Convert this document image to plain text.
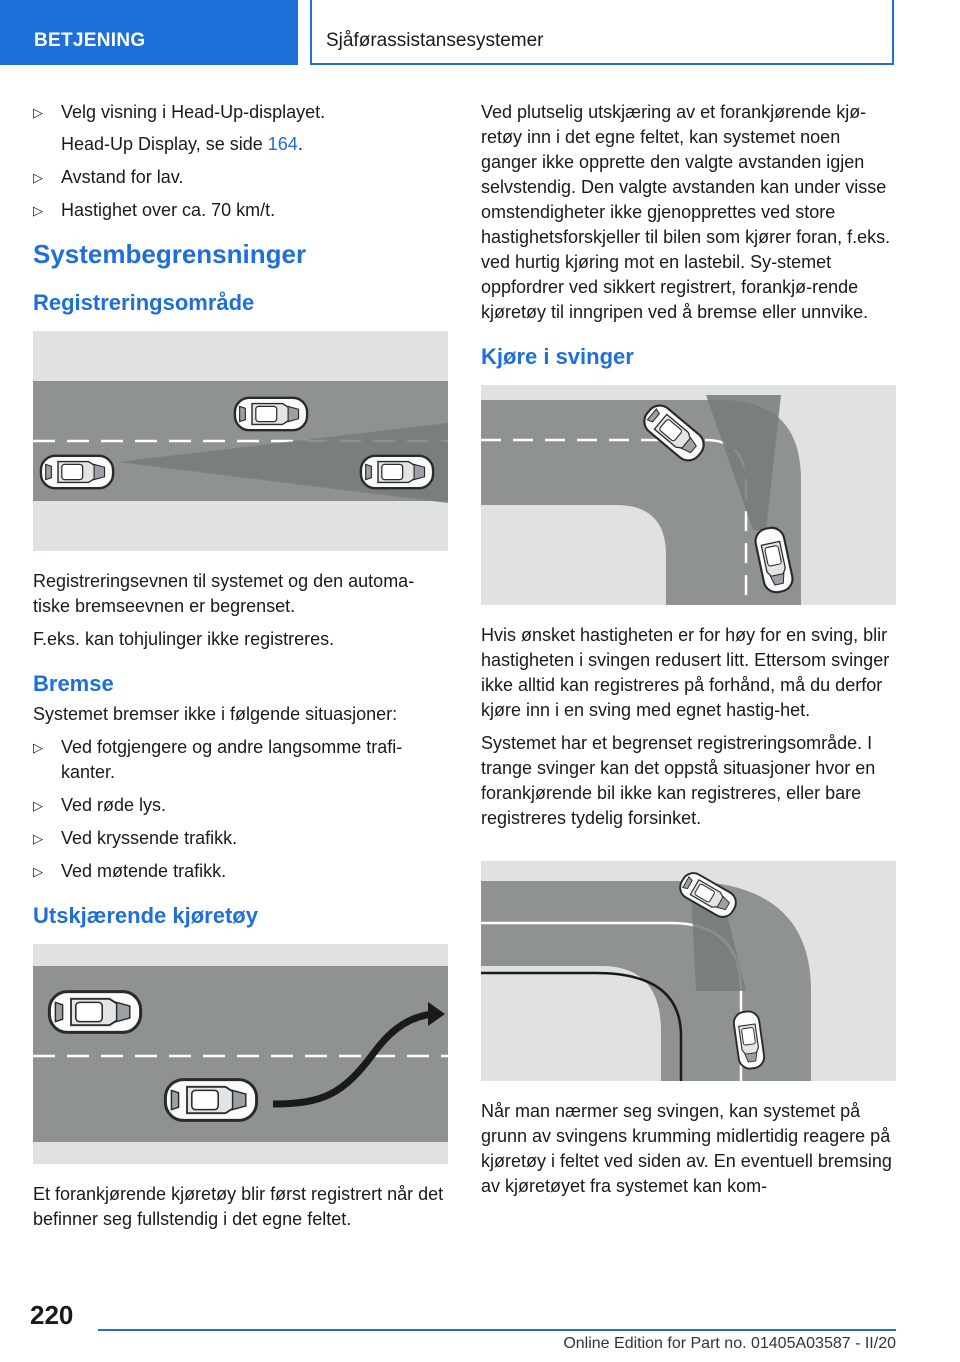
BETJENING	Sjåførassistansesystemer
▷ Velg visning i Head-Up-displayet.
Head-Up Display, se side 164.
▷ Avstand for lav.
▷ Hastighet over ca. 70 km/t.
Systembegrensninger
Registreringsområde

Registreringsevnen til systemet og den automa-tiske bremseevnen er begrenset.

F.eks. kan tohjulinger ikke registreres.

Bremse

Systemet bremser ikke i følgende situasjoner:

▷ Ved fotgjengere og andre langsomme trafi-kanter.
▷ Ved røde lys.
▷ Ved kryssende trafikk.
▷ Ved møtende trafikk.
Utskjærende kjøretøy

Et forankjørende kjøretøy blir først registrert når det befinner seg fullstendig i det egne feltet.

Ved plutselig utskjæring av et forankjørende kjø-retøy inn i det egne feltet, kan systemet noen ganger ikke opprette den valgte avstanden igjen selvstendig. Den valgte avstanden kan under visse omstendigheter ikke gjenopprettes ved store hastighetsforskjeller til bilen som kjører foran, f.eks. ved hurtig kjøring mot en lastebil. Sy-stemet oppfordrer ved sikkert registrert, forankjø-rende kjøretøy til inngripen ved å bremse eller unnvike.

Kjøre i svinger

Hvis ønsket hastigheten er for høy for en sving, blir hastigheten i svingen redusert litt. Ettersom svinger ikke alltid kan registreres på forhånd, må du derfor kjøre inn i en sving med egnet hastig-het.

Systemet har et begrenset registreringsområde. I trange svinger kan det oppstå situasjoner hvor en forankjørende bil ikke kan registreres, eller bare registreres tydelig forsinket.

Når man nærmer seg svingen, kan systemet på grunn av svingens krumming midlertidig reagere på kjøretøy i feltet ved siden av. En eventuell bremsing av kjøretøyet fra systemet kan kom-

220
Online Edition for Part no. 01405A03587 - II/20
